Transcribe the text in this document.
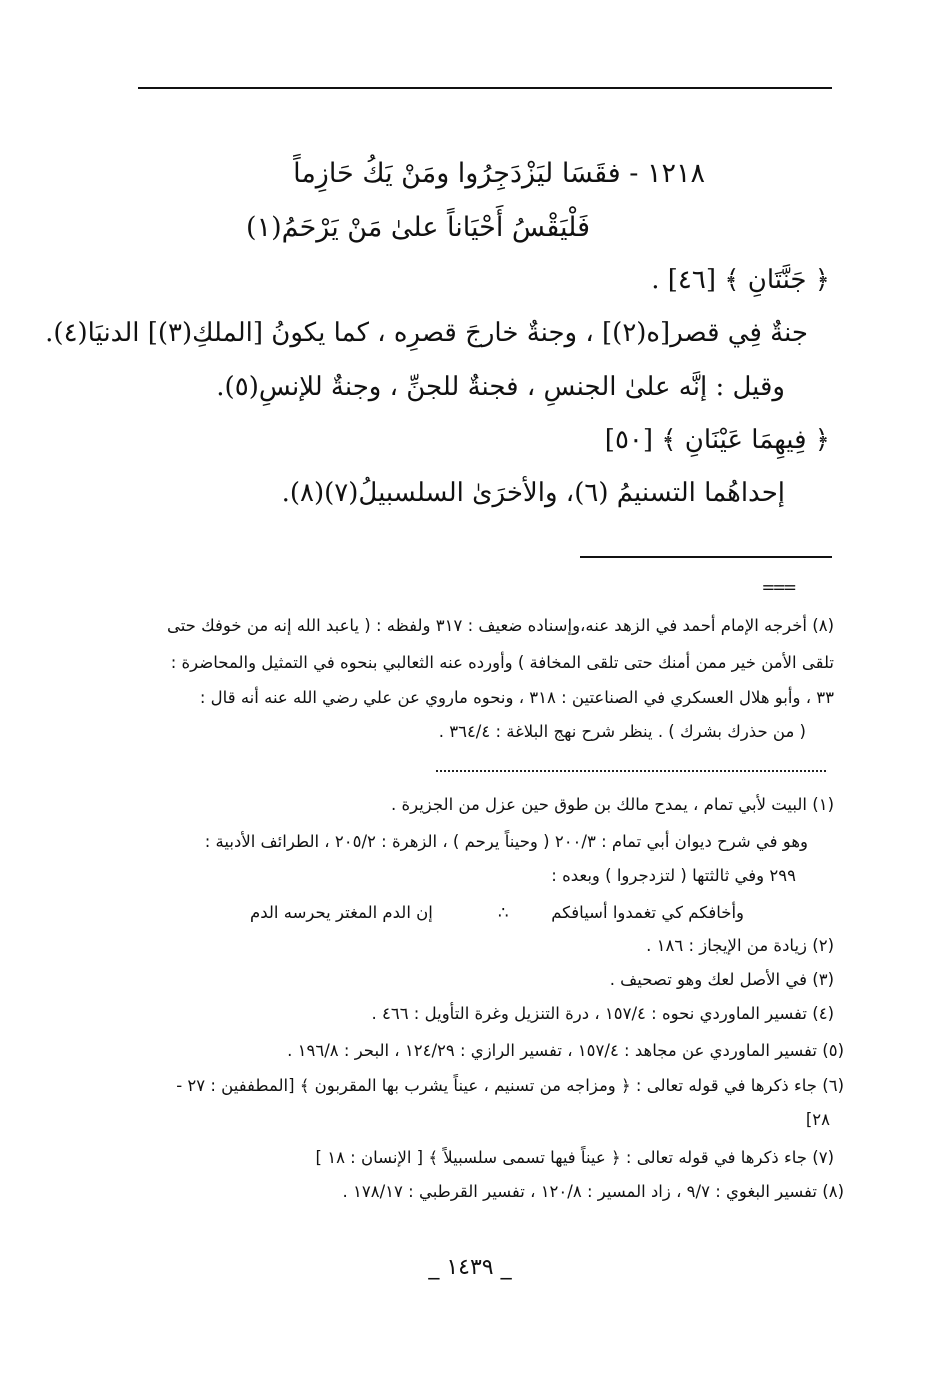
١٢١٨ - فقَسَا ليَزْدَجِرُوا ومَنْ يَكُ حَازِماً
فَلْيَقْسُ أَحْيَاناً علىٰ مَنْ يَرْحَمُ(١)
﴿ جَنَّتَانِ ﴾ [٤٦] .
جنةٌ فِي قصر[ه(٢)] ، وجنةٌ خارجَ قصرِه ، كما يكونُ [الملكِ(٣)] الدنيَا(٤).
وقيل : إنَّه علىٰ الجنسِ ، فجنةٌ للجنِّ ، وجنةٌ للإنسِ(٥).
﴿ فِيهِمَا عَيْنَانِ ﴾ [٥٠]
إحداهُما التسنيمُ (٦)، والأخرَىٰ السلسبيلُ(٧)(٨).
===
(٨) أخرجه الإمام أحمد في الزهد عنه،وإسناده ضعيف : ٣١٧ ولفظه : ( ياعبد الله إنه من خوفك حتى
تلقى الأمن خير ممن أمنك حتى تلقى المخافة ) وأورده عنه الثعالبي بنحوه في التمثيل والمحاضرة :
٣٣ ، وأبو هلال العسكري في الصناعتين : ٣١٨ ، ونحوه ماروي عن علي رضي الله عنه أنه قال :
( من حذرك بشرك ) . ينظر شرح نهج البلاغة : ٣٦٤/٤ .
(١) البيت لأبي تمام ، يمدح مالك بن طوق حين عزل من الجزيرة .
وهو في شرح ديوان أبي تمام : ٢٠٠/٣ ( وحيناً يرحم ) ، الزهرة : ٢٠٥/٢ ، الطرائف الأدبية :
٢٩٩ وفي ثالثتها ( لتزدجروا ) وبعده :
وأخافكم كي تغمدوا أسيافكم
∴
إن الدم المغتر يحرسه الدم
(٢) زيادة من الإيجاز : ١٨٦ .
(٣) في الأصل لعك وهو تصحيف .
(٤) تفسير الماوردي نحوه : ١٥٧/٤ ، درة التنزيل وغرة التأويل : ٤٦٦ .
(٥) تفسير الماوردي عن مجاهد : ١٥٧/٤ ، تفسير الرازي : ١٢٤/٢٩ ، البحر : ١٩٦/٨ .
(٦) جاء ذكرها في قوله تعالى : ﴿ ومزاجه من تسنيم ، عيناً يشرب بها المقربون ﴾ [المطففين : ٢٧ -
٢٨]
(٧) جاء ذكرها في قوله تعالى : ﴿ عيناً فيها تسمى سلسبيلاً ﴾ [ الإنسان : ١٨ ]
(٨) تفسير البغوي : ٩/٧ ، زاد المسير : ١٢٠/٨ ، تفسير القرطبي : ١٧٨/١٧ .
_ ١٤٣٩ _
